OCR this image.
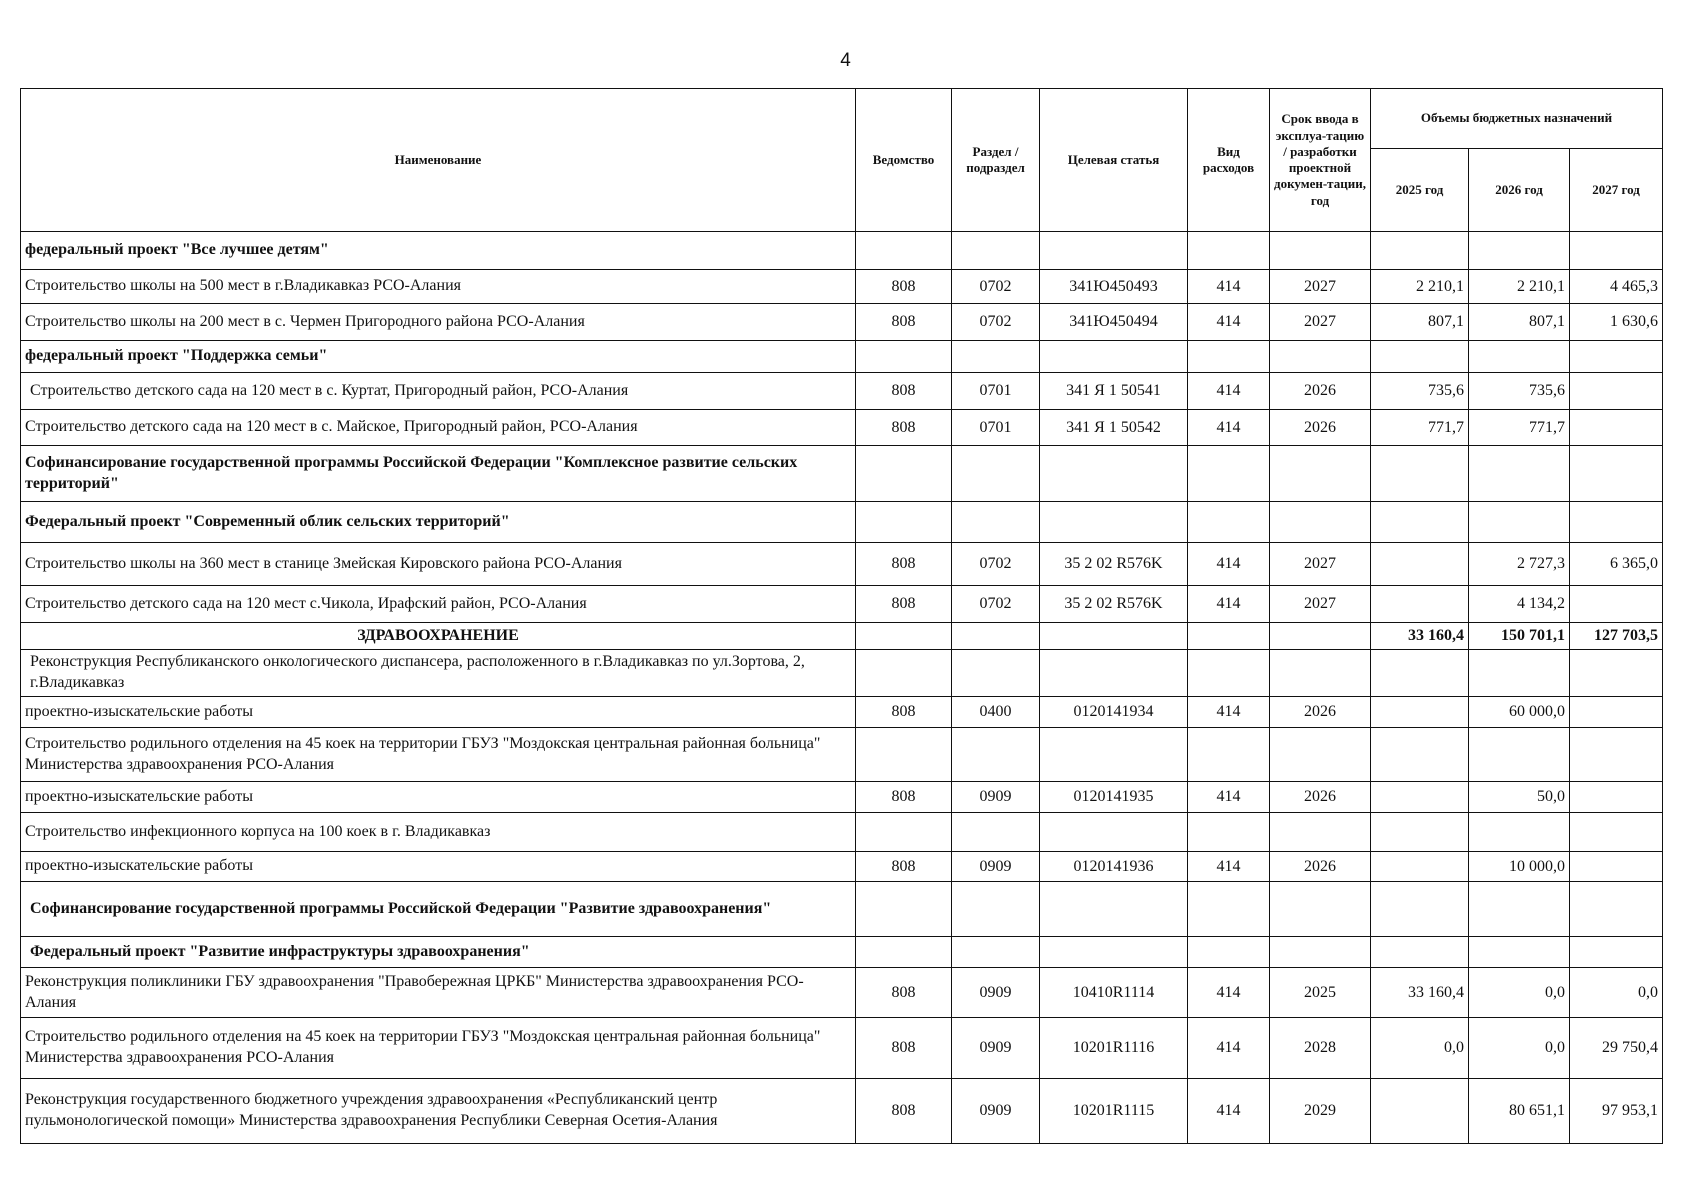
4
Наименование	Ведомство	Раздел / подраздел	Целевая статья	Вид расходов	Срок ввода в эксплуа-тацию / разработки проектной докумен-тации, год	Объемы бюджетных назначений		
						2025 год	2026 год	2027 год
федеральный проект "Все лучшее детям"								
Строительство школы на 500 мест в г.Владикавказ РСО-Алания	808	0702	341Ю450493	414	2027	2 210,1	2 210,1	4 465,3
Строительство школы на 200 мест в с. Чермен Пригородного района РСО-Алания	808	0702	341Ю450494	414	2027	807,1	807,1	1 630,6
федеральный проект "Поддержка семьи"								
Строительство детского сада на 120 мест в с. Куртат, Пригородный район, РСО-Алания	808	0701	341 Я 1 50541	414	2026	735,6	735,6	
Строительство детского сада на 120 мест в с. Майское, Пригородный район, РСО-Алания	808	0701	341 Я 1 50542	414	2026	771,7	771,7	
Софинансирование государственной программы Российской Федерации "Комплексное развитие сельских территорий"								
Федеральный проект "Современный облик сельских территорий"								
Строительство школы на 360 мест в станице Змейская Кировского района РСО-Алания	808	0702	35 2 02 R576K	414	2027		2 727,3	6 365,0
Строительство детского сада на 120 мест с.Чикола, Ирафский район, РСО-Алания	808	0702	35 2 02 R576K	414	2027		4 134,2	
ЗДРАВООХРАНЕНИЕ						33 160,4	150 701,1	127 703,5
Реконструкция Республиканского онкологического диспансера, расположенного в г.Владикавказ по ул.Зортова, 2, г.Владикавказ								
проектно-изыскательские работы	808	0400	0120141934	414	2026		60 000,0	
Строительство родильного отделения на 45 коек на территории ГБУЗ "Моздокская центральная районная больница" Министерства здравоохранения РСО-Алания								
проектно-изыскательские работы	808	0909	0120141935	414	2026		50,0	
Строительство инфекционного корпуса на 100 коек в г. Владикавказ								
проектно-изыскательские работы	808	0909	0120141936	414	2026		10 000,0	
Софинансирование государственной программы Российской Федерации "Развитие здравоохранения"								
Федеральный проект "Развитие инфраструктуры здравоохранения"								
Реконструкция поликлиники ГБУ здравоохранения "Правобережная ЦРКБ" Министерства здравоохранения РСО-Алания	808	0909	10410R1114	414	2025	33 160,4	0,0	0,0
Строительство родильного отделения на 45 коек на территории ГБУЗ "Моздокская центральная районная больница" Министерства здравоохранения РСО-Алания	808	0909	10201R1116	414	2028	0,0	0,0	29 750,4
Реконструкция государственного бюджетного учреждения здравоохранения «Республиканский центр пульмонологической помощи» Министерства здравоохранения Республики Северная Осетия-Алания	808	0909	10201R1115	414	2029		80 651,1	97 953,1
